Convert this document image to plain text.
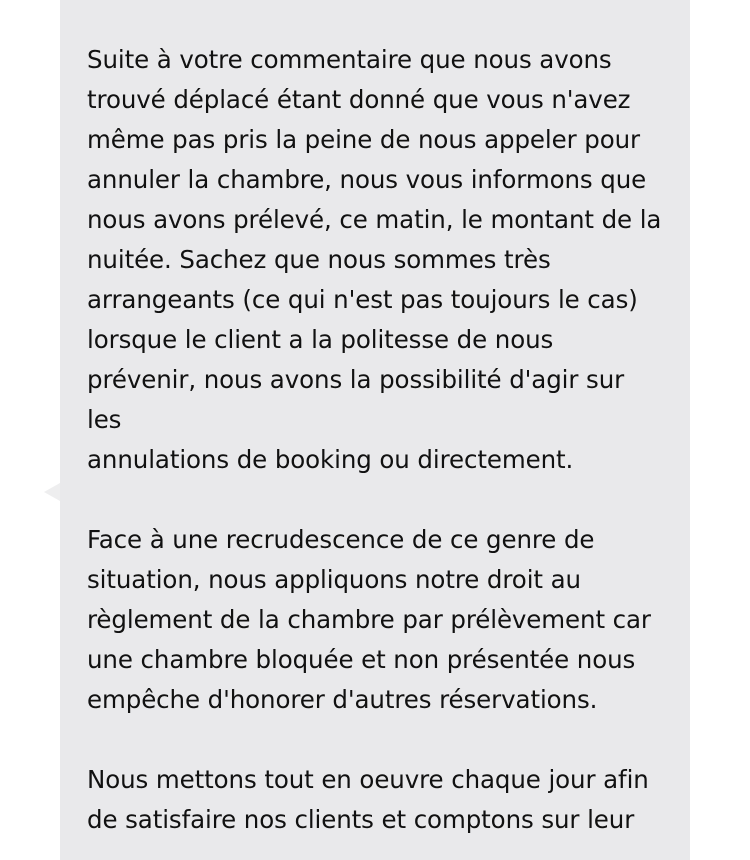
Suite à votre commentaire que nous avons
trouvé déplacé étant donné que vous n'avez
même pas pris la peine de nous appeler pour
annuler la chambre, nous vous informons que
nous avons prélevé, ce matin, le montant de la
nuitée. Sachez que nous sommes très
arrangeants (ce qui n'est pas toujours le cas)
lorsque le client a la politesse de nous
prévenir, nous avons la possibilité d'agir sur les
annulations de booking ou directement.

Face à une recrudescence de ce genre de
situation, nous appliquons notre droit au
règlement de la chambre par prélèvement car
une chambre bloquée et non présentée nous
empêche d'honorer d'autres réservations.

Nous mettons tout en oeuvre chaque jour afin
de satisfaire nos clients et comptons sur leur
